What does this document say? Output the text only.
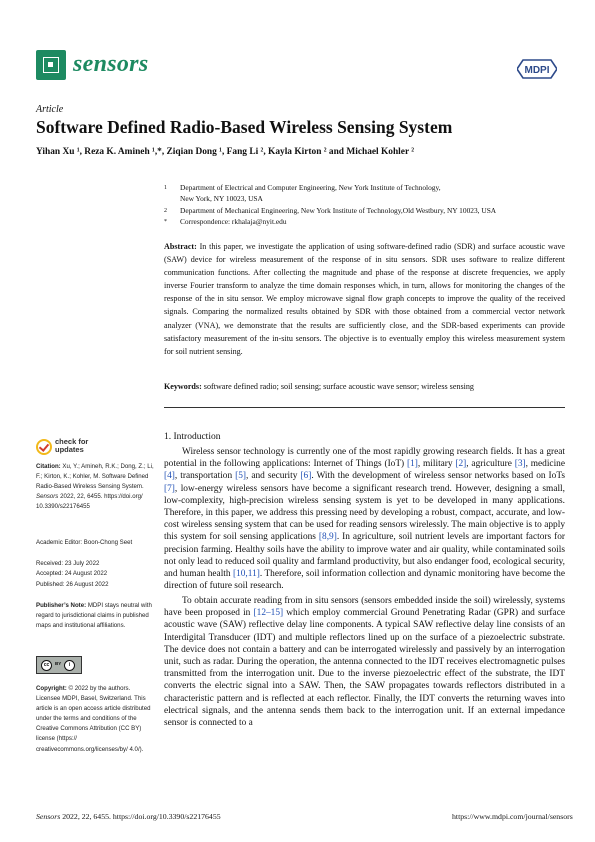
sensors	MDPI
Article
Software Defined Radio-Based Wireless Sensing System
Yihan Xu ¹, Reza K. Amineh ¹,*, Ziqian Dong ¹, Fang Li ², Kayla Kirton ² and Michael Kohler ²
1 Department of Electrical and Computer Engineering, New York Institute of Technology,
New York, NY 10023, USA
2 Department of Mechanical Engineering, New York Institute of Technology,Old Westbury, NY 10023, USA
* Correspondence: rkhalaja@nyit.edu
Abstract: In this paper, we investigate the application of using software-defined radio (SDR) and surface acoustic wave (SAW) device for wireless measurement of the response of in situ sensors. SDR uses software to realize different communication functions. After collecting the magnitude and phase of the response at discrete frequencies, we apply inverse Fourier transform to analyze the time domain responses which, in turn, allows for monitoring the changes of the response of the in situ sensor. We employ microwave signal flow graph concepts to improve the quality of the received signals. Comparing the normalized results obtained by SDR with those obtained from a commercial vector network analyzer (VNA), we demonstrate that the results are sufficiently close, and the SDR-based experiments can provide satisfactory measurement of the in-situ sensors. The objective is to eventually employ this wireless measurement system for soil nutrient sensing.
Keywords: software defined radio; soil sensing; surface acoustic wave sensor; wireless sensing
check for
updates
Citation: Xu, Y.; Amineh, R.K.; Dong, Z.; Li, F.; Kirton, K.; Kohler, M. Software Defined Radio-Based Wireless Sensing System. Sensors 2022, 22, 6455. https://doi.org/ 10.3390/s22176455
Academic Editor: Boon-Chong Seet
Received: 23 July 2022
Accepted: 24 August 2022
Published: 26 August 2022
Publisher’s Note: MDPI stays neutral with regard to jurisdictional claims in published maps and institutional affiliations.
cc	BY	i
Copyright: © 2022 by the authors. Licensee MDPI, Basel, Switzerland. This article is an open access article distributed under the terms and conditions of the Creative Commons Attribution (CC BY) license (https:// creativecommons.org/licenses/by/ 4.0/).
1. Introduction

Wireless sensor technology is currently one of the most rapidly growing research fields. It has a great potential in the following applications: Internet of Things (IoT) [1], military [2], agriculture [3], medicine [4], transportation [5], and security [6]. With the development of wireless sensor networks based on IoTs [7], low-energy wireless sensors have become a significant research trend. However, designing a small, low-complexity, high-precision wireless sensing system is yet to be developed in many applications. Therefore, in this paper, we address this pressing need by developing a robust, compact, accurate, and low-cost wireless sensing system that can be used for reading sensors wirelessly. The main objective is to apply this system for soil sensing applications [8,9]. In agriculture, soil nutrient levels are important factors for precision farming. Healthy soils have the ability to improve water and air quality, while contaminated soils not only lead to reduced soil quality and farmland productivity, but also endanger food, ecological security, and human health [10,11]. Therefore, soil information collection and dynamic monitoring have become the direction of future soil research.

To obtain accurate reading from in situ sensors (sensors embedded inside the soil) wirelessly, systems have been proposed in [12–15] which employ commercial Ground Penetrating Radar (GPR) and surface acoustic wave (SAW) reflective delay line components. A typical SAW reflective delay line consists of an Interdigital Transducer (IDT) and multiple reflectors lined up on the surface of a piezoelectric substrate. The device does not contain a battery and can be interrogated wirelessly and passively by an interrogation unit, such as radar. During the operation, the antenna connected to the IDT receives electromagnetic pulses transmitted from the interrogation unit. Due to the inverse piezoelectric effect of the substrate, the IDT converts the electric signal into a SAW. Then, the SAW propagates towards reflectors distributed in a characteristic pattern and is reflected at each reflector. Finally, the IDT converts the returning waves into electrical signals, and the antenna sends them back to the interrogation unit. If an external impedance sensor is connected to a

Sensors 2022, 22, 6455. https://doi.org/10.3390/s22176455	https://www.mdpi.com/journal/sensors
